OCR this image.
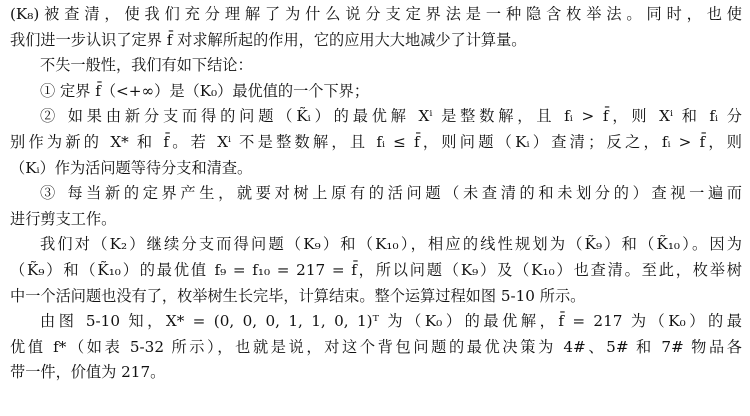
(K₈)被查清，使我们充分理解了为什么说分支定界法是一种隐含枚举法。同时，也使
我们进一步认识了定界 f̄ 对求解所起的作用，它的应用大大地减少了计算量。
不失一般性，我们有如下结论：
① 定界 f̄（<+∞）是（K₀）最优值的一个下界；
② 如果由新分支而得的问题（K̃ᵢ）的最优解 Xⁱ 是整数解，且 fᵢ > f̄，则 Xⁱ 和 fᵢ 分
别作为新的 X* 和 f̄。若 Xⁱ 不是整数解，且 fᵢ ≤ f̄，则问题（Kᵢ）查清；反之，fᵢ > f̄，则
（Kᵢ）作为活问题等待分支和清查。
③ 每当新的定界产生，就要对树上原有的活问题（未查清的和未划分的）查视一遍而
进行剪支工作。
我们对（K₂）继续分支而得问题（K₉）和（K₁₀），相应的线性规划为（K̃₉）和（K̃₁₀）。因为
（K̃₉）和（K̃₁₀）的最优值 f₉ = f₁₀ = 217 = f̄，所以问题（K₉）及（K₁₀）也查清。至此，枚举树
中一个活问题也没有了，枚举树生长完毕，计算结束。整个运算过程如图 5-10 所示。
由图 5-10 知，X* = (0, 0, 0, 1, 1, 0, 1)ᵀ 为（K₀）的最优解，f̄ = 217 为（K₀）的最
优值 f*（如表 5-32 所示），也就是说，对这个背包问题的最优决策为 4#、5# 和 7# 物品各
带一件，价值为 217。
